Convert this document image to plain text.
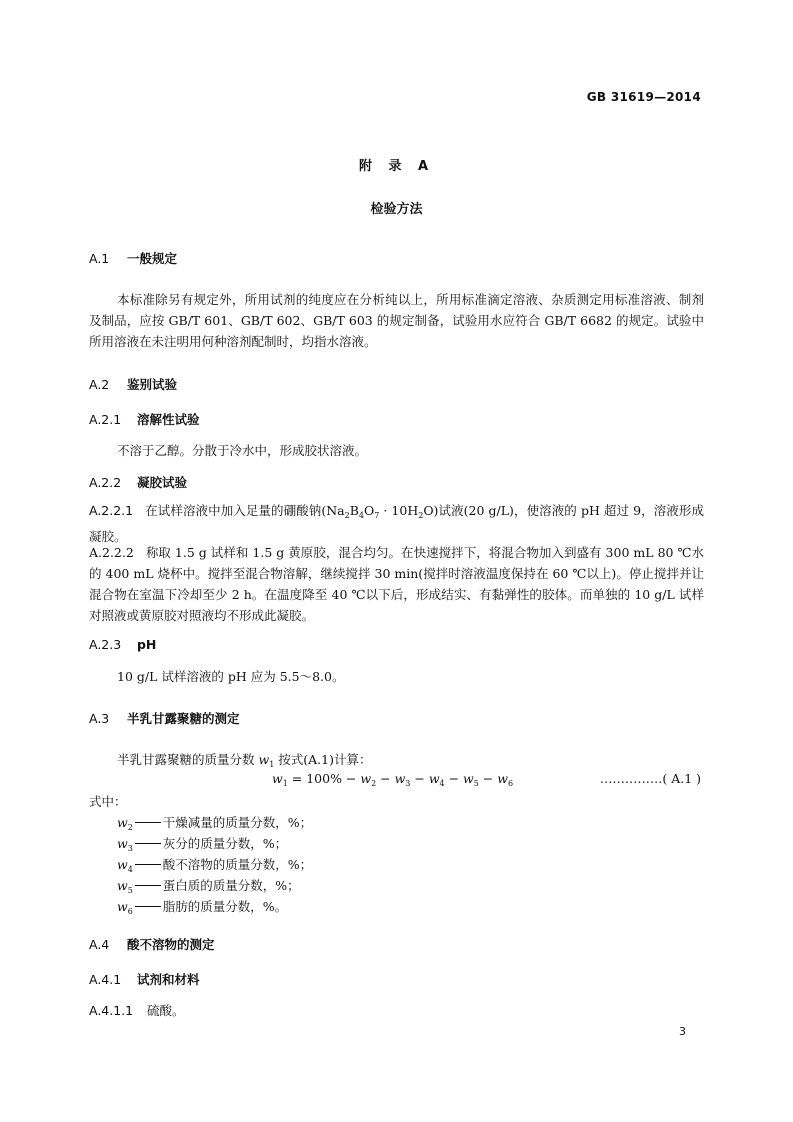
GB 31619—2014
附 录 A
检验方法
A.1 一般规定
本标准除另有规定外，所用试剂的纯度应在分析纯以上，所用标准滴定溶液、杂质测定用标准溶液、制剂及制品，应按 GB/T 601、GB/T 602、GB/T 603 的规定制备，试验用水应符合 GB/T 6682 的规定。试验中所用溶液在未注明用何种溶剂配制时，均指水溶液。
A.2 鉴别试验
A.2.1 溶解性试验
不溶于乙醇。分散于冷水中，形成胶状溶液。
A.2.2 凝胶试验
A.2.2.1 在试样溶液中加入足量的硼酸钠$(Na_2B_4O_7 \cdot 10H_2O)$试液(20 g/L)，使溶液的 pH 超过 9，溶液形成凝胶。
A.2.2.2 称取 1.5 g 试样和 1.5 g 黄原胶，混合均匀。在快速搅拌下，将混合物加入到盛有 300 mL 80 ℃水的 400 mL 烧杯中。搅拌至混合物溶解，继续搅拌 30 min(搅拌时溶液温度保持在 60 ℃以上)。停止搅拌并让混合物在室温下冷却至少 2 h。在温度降至 40 ℃以下后，形成结实、有黏弹性的胶体。而单独的 10 g/L 试样对照液或黄原胶对照液均不形成此凝胶。
A.2.3 pH
10 g/L 试样溶液的 pH 应为 5.5～8.0。
A.3 半乳甘露聚糖的测定
半乳甘露聚糖的质量分数 $w_1$ 按式(A.1)计算：
$w_1 = 100\% - w_2 - w_3 - w_4 - w_5 - w_6$	……………( A.1 )
式中：
$w_2$ 干燥减量的质量分数，%；
$w_3$ 灰分的质量分数，%；
$w_4$ 酸不溶物的质量分数，%；
$w_5$ 蛋白质的质量分数，%；
$w_6$ 脂肪的质量分数，%。
A.4 酸不溶物的测定
A.4.1 试剂和材料
A.4.1.1 硫酸。
3
